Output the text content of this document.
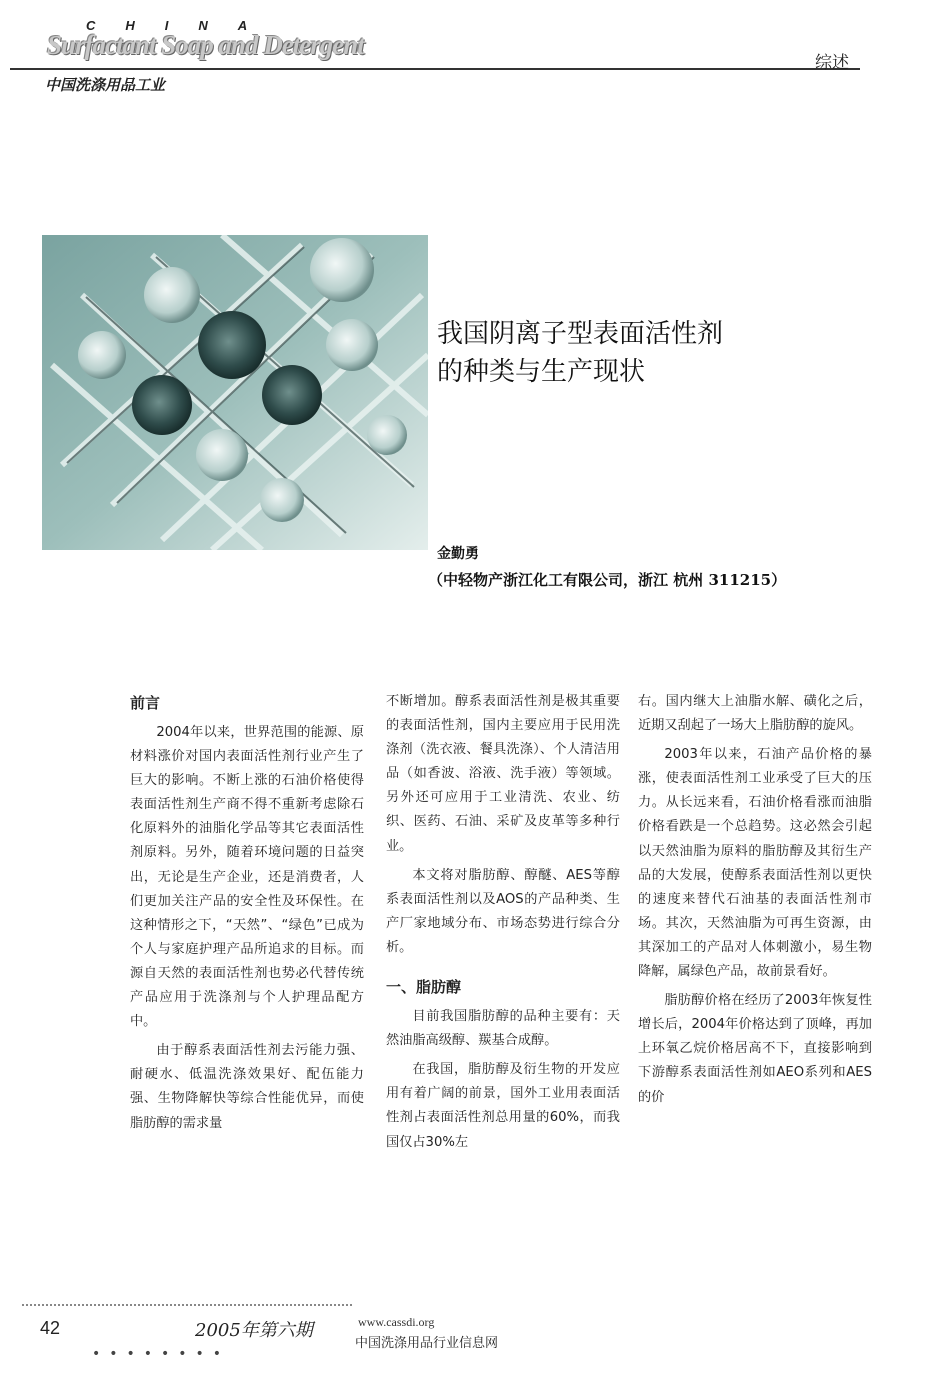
CHINA
Surfactant Soap and Detergent
中国洗涤用品工业
综述
我国阴离子型表面活性剂
的种类与生产现状
金勤勇
（中轻物产浙江化工有限公司，浙江 杭州 311215）
前言

2004年以来，世界范围的能源、原材料涨价对国内表面活性剂行业产生了巨大的影响。不断上涨的石油价格使得表面活性剂生产商不得不重新考虑除石化原料外的油脂化学品等其它表面活性剂原料。另外，随着环境问题的日益突出，无论是生产企业，还是消费者，人们更加关注产品的安全性及环保性。在这种情形之下，“天然”、“绿色”已成为个人与家庭护理产品所追求的目标。而源自天然的表面活性剂也势必代替传统产品应用于洗涤剂与个人护理品配方中。

由于醇系表面活性剂去污能力强、耐硬水、低温洗涤效果好、配伍能力强、生物降解快等综合性能优异，而使脂肪醇的需求量

不断增加。醇系表面活性剂是极其重要的表面活性剂，国内主要应用于民用洗涤剂（洗衣液、餐具洗涤）、个人清洁用品（如香波、浴液、洗手液）等领域。另外还可应用于工业清洗、农业、纺织、医药、石油、采矿及皮革等多种行业。

本文将对脂肪醇、醇醚、AES等醇系表面活性剂以及AOS的产品种类、生产厂家地域分布、市场态势进行综合分析。

一、脂肪醇

目前我国脂肪醇的品种主要有：天然油脂高级醇、羰基合成醇。

在我国，脂肪醇及衍生物的开发应用有着广阔的前景，国外工业用表面活性剂占表面活性剂总用量的60%，而我国仅占30%左

右。国内继大上油脂水解、磺化之后，近期又刮起了一场大上脂肪醇的旋风。

2003年以来，石油产品价格的暴涨，使表面活性剂工业承受了巨大的压力。从长远来看，石油价格看涨而油脂价格看跌是一个总趋势。这必然会引起以天然油脂为原料的脂肪醇及其衍生产品的大发展，使醇系表面活性剂以更快的速度来替代石油基的表面活性剂市场。其次，天然油脂为可再生资源，由其深加工的产品对人体刺激小，易生物降解，属绿色产品，故前景看好。

脂肪醇价格在经历了2003年恢复性增长后，2004年价格达到了顶峰，再加上环氧乙烷价格居高不下，直接影响到下游醇系表面活性剂如AEO系列和AES的价

42	2005年第六期
••••••••
www.cassdi.org
中国洗涤用品行业信息网
